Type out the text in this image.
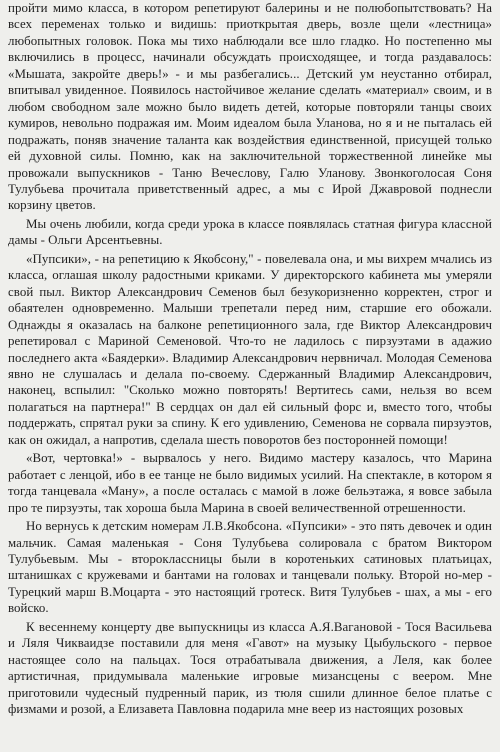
пройти мимо класса, в котором репетируют балерины и не полюбопытствовать? На всех переменах только и видишь: приоткрытая дверь, возле щели «лестница» любопытных головок. Пока мы тихо наблюдали все шло гладко. Но постепенно мы включились в процесс, начинали обсуждать происходящее, и тогда раздавалось: «Мышата, закройте дверь!» - и мы разбегались... Детский ум неустанно отбирал, впитывал увиденное. Появилось настойчивое желание сделать «материал» своим, и в любом свободном зале можно было видеть детей, которые повторяли танцы своих кумиров, невольно подражая им. Моим идеалом была Уланова, но я и не пыталась ей подражать, поняв значение таланта как воздействия единственной, присущей только ей духовной силы. Помню, как на заключительной торжественной линейке мы провожали выпускников - Таню Вечеслову, Галю Уланову. Звонкоголосая Соня Тулубьева прочитала приветственный адрес, а мы с Ирой Джавровой поднесли корзину цветов.

Мы очень любили, когда среди урока в классе появлялась статная фигура классной дамы - Ольги Арсентьевны.

«Пупсики», - на репетицию к Якобсону," - повелевала она, и мы вихрем мчались из класса, оглашая школу радостными криками. У директорского кабинета мы умеряли свой пыл. Виктор Александрович Семенов был безукоризненно корректен, строг и обаятелен одновременно. Малыши трепетали перед ним, старшие его обожали. Однажды я оказалась на балконе репетиционного зала, где Виктор Александрович репетировал с Мариной Семеновой. Что-то не ладилось с пирзуэтами в адажио последнего акта «Баядерки». Владимир Александрович нервничал. Молодая Семенова явно не слушалась и делала по-своему. Сдержанный Владимир Александрович, наконец, вспылил: "Сколько можно повторять! Вертитесь сами, нельзя во всем полагаться на партнера!" В сердцах он дал ей сильный форс и, вместо того, чтобы поддержать, спрятал руки за спину. К его удивлению, Семенова не сорвала пирзуэтов, как он ожидал, а напротив, сделала шесть поворотов без посторонней помощи!

«Вот, чертовка!» - вырвалось у него. Видимо мастеру казалось, что Марина работает с ленцой, ибо в ее танце не было видимых усилий. На спектакле, в котором я тогда танцевала «Ману», а после осталась с мамой в ложе бельэтажа, я вовсе забыла про те пирзуэты, так хороша была Марина в своей величественной отрешенности.

Но вернусь к детским номерам Л.В.Якобсона. «Пупсики» - это пять девочек и один мальчик. Самая маленькая - Соня Тулубьева солировала с братом Виктором Тулубьевым. Мы - второклассницы были в коротеньких сатиновых платьицах, штанишках с кружевами и бантами на головах и танцевали польку. Второй но-мер - Турецкий марш В.Моцарта - это настоящий гротеск. Витя Тулубьев - шах, а мы - его войско.

К весеннему концерту две выпускницы из класса А.Я.Вагановой - Тося Васильева и Ляля Чикваидзе поставили для меня «Гавот» на музыку Цыбульского - первое настоящее соло на пальцах. Тося отрабатывала движения, а Леля, как более артистичная, придумывала маленькие игровые мизансцены с веером. Мне приготовили чудесный пудренный парик, из тюля сшили длинное белое платье с физмами и розой, а Елизавета Павловна подарила мне веер из настоящих розовых
